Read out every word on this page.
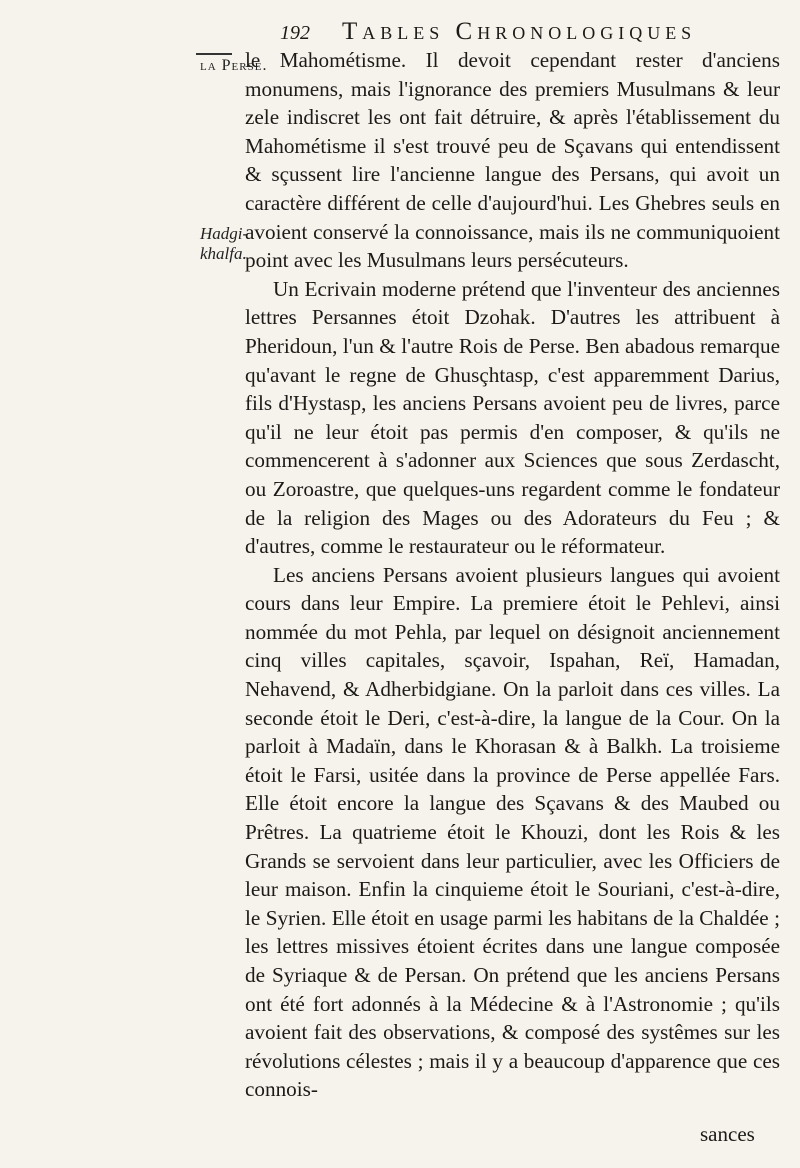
192 Tables Chronologiques
la Perse.
Hadgi-khalfa.

le Mahométisme. Il devoit cependant rester d'anciens monumens, mais l'ignorance des premiers Musulmans & leur zele indiscret les ont fait détruire, & après l'établissement du Mahométisme il s'est trouvé peu de Sçavans qui entendissent & sçussent lire l'ancienne langue des Persans, qui avoit un caractère différent de celle d'aujourd'hui. Les Ghebres seuls en avoient conservé la connoissance, mais ils ne communiquoient point avec les Musulmans leurs persécuteurs.

Un Ecrivain moderne prétend que l'inventeur des anciennes lettres Persannes étoit Dzohak. D'autres les attribuent à Pheridoun, l'un & l'autre Rois de Perse. Ben abadous remarque qu'avant le regne de Ghusçhtasp, c'est apparemment Darius, fils d'Hystasp, les anciens Persans avoient peu de livres, parce qu'il ne leur étoit pas permis d'en composer, & qu'ils ne commencerent à s'adonner aux Sciences que sous Zerdascht, ou Zoroastre, que quelques-uns regardent comme le fondateur de la religion des Mages ou des Adorateurs du Feu ; & d'autres, comme le restaurateur ou le réformateur.

Les anciens Persans avoient plusieurs langues qui avoient cours dans leur Empire. La premiere étoit le Pehlevi, ainsi nommée du mot Pehla, par lequel on désignoit anciennement cinq villes capitales, sçavoir, Ispahan, Reï, Hamadan, Nehavend, & Adherbidgiane. On la parloit dans ces villes. La seconde étoit le Deri, c'est-à-dire, la langue de la Cour. On la parloit à Madaïn, dans le Khorasan & à Balkh. La troisieme étoit le Farsi, usitée dans la province de Perse appellée Fars. Elle étoit encore la langue des Sçavans & des Maubed ou Prêtres. La quatrieme étoit le Khouzi, dont les Rois & les Grands se servoient dans leur particulier, avec les Officiers de leur maison. Enfin la cinquieme étoit le Souriani, c'est-à-dire, le Syrien. Elle étoit en usage parmi les habitans de la Chaldée ; les lettres missives étoient écrites dans une langue composée de Syriaque & de Persan. On prétend que les anciens Persans ont été fort adonnés à la Médecine & à l'Astronomie ; qu'ils avoient fait des observations, & composé des systêmes sur les révolutions célestes ; mais il y a beaucoup d'apparence que ces connois-

sances
